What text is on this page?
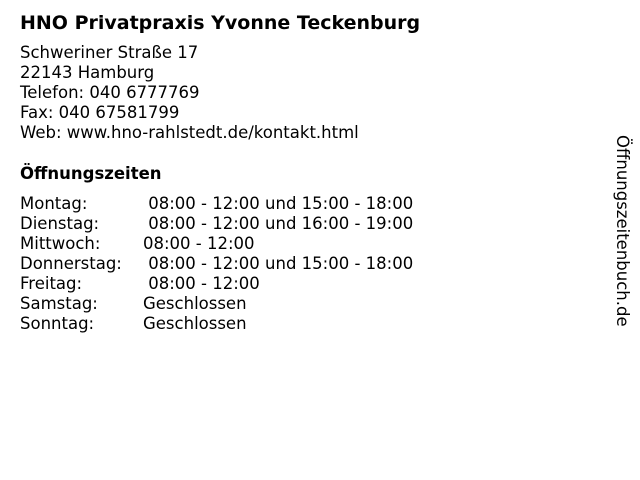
HNO Privatpraxis Yvonne Teckenburg
Schweriner Straße 17
22143 Hamburg
Telefon: 040 6777769
Fax: 040 67581799
Web: www.hno-rahlstedt.de/kontakt.html
Öffnungszeiten
Montag:	08:00 - 12:00 und 15:00 - 18:00
Dienstag:	08:00 - 12:00 und 16:00 - 19:00
Mittwoch:	08:00 - 12:00
Donnerstag:	08:00 - 12:00 und 15:00 - 18:00
Freitag:	08:00 - 12:00
Samstag:	Geschlossen
Sonntag:	Geschlossen	Öffnungszeitenbuch.de
